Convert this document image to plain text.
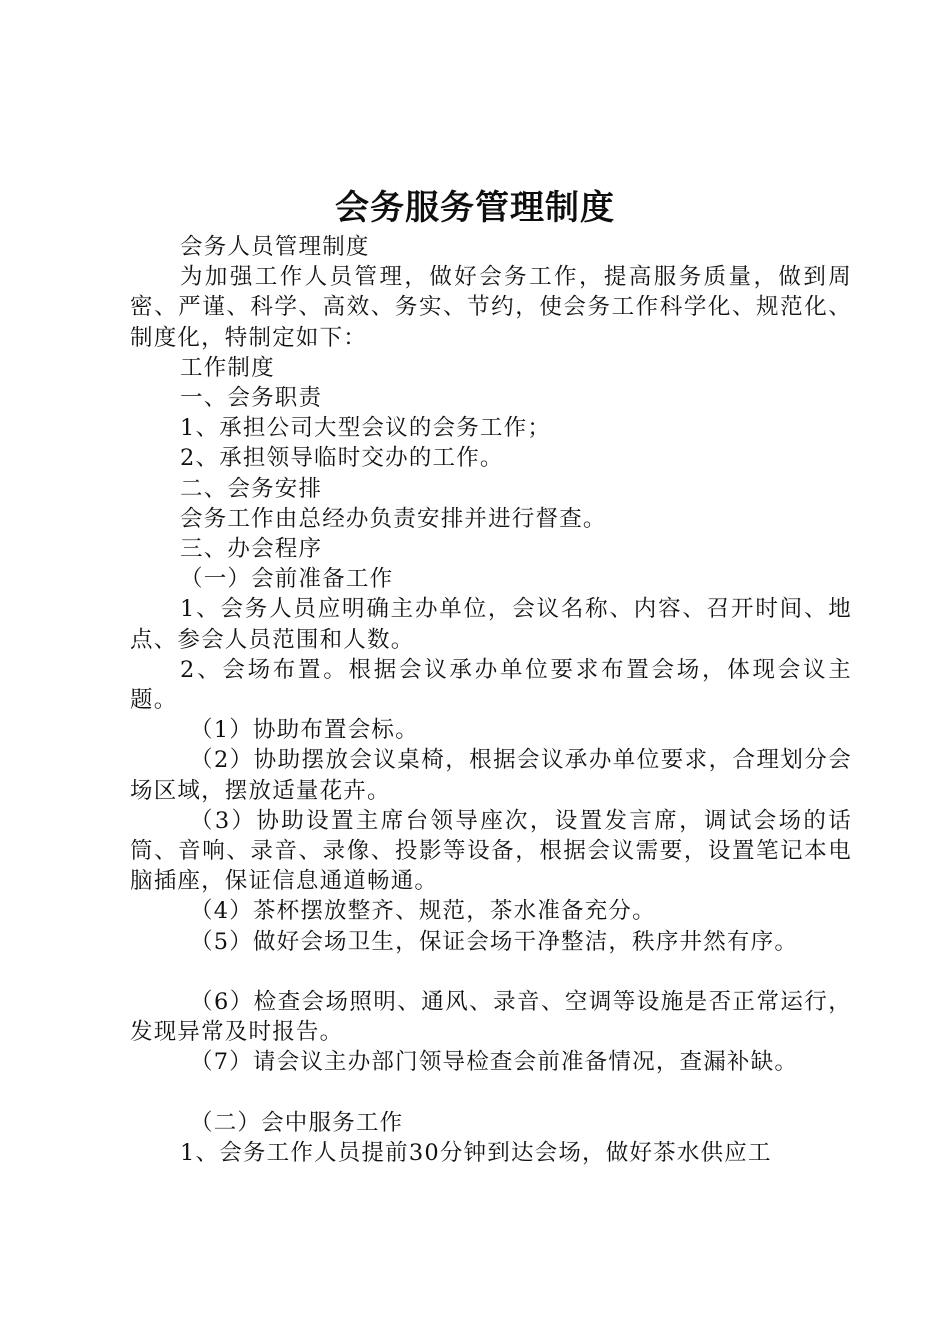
会务服务管理制度

会务人员管理制度

为加强工作人员管理，做好会务工作，提高服务质量，做到周密、严谨、科学、高效、务实、节约，使会务工作科学化、规范化、制度化，特制定如下：

工作制度

一、会务职责

1、承担公司大型会议的会务工作；

2、承担领导临时交办的工作。

二、会务安排

会务工作由总经办负责安排并进行督查。

三、办会程序

（一）会前准备工作

1、会务人员应明确主办单位，会议名称、内容、召开时间、地点、参会人员范围和人数。

2、会场布置。根据会议承办单位要求布置会场，体现会议主题。

（1）协助布置会标。

（2）协助摆放会议桌椅，根据会议承办单位要求，合理划分会场区域，摆放适量花卉。

（3）协助设置主席台领导座次，设置发言席，调试会场的话筒、音响、录音、录像、投影等设备，根据会议需要，设置笔记本电脑插座，保证信息通道畅通。

（4）茶杯摆放整齐、规范，茶水准备充分。

（5）做好会场卫生，保证会场干净整洁，秩序井然有序。

（6）检查会场照明、通风、录音、空调等设施是否正常运行，发现异常及时报告。

（7）请会议主办部门领导检查会前准备情况，查漏补缺。

（二）会中服务工作

1、会务工作人员提前30分钟到达会场，做好茶水供应工
